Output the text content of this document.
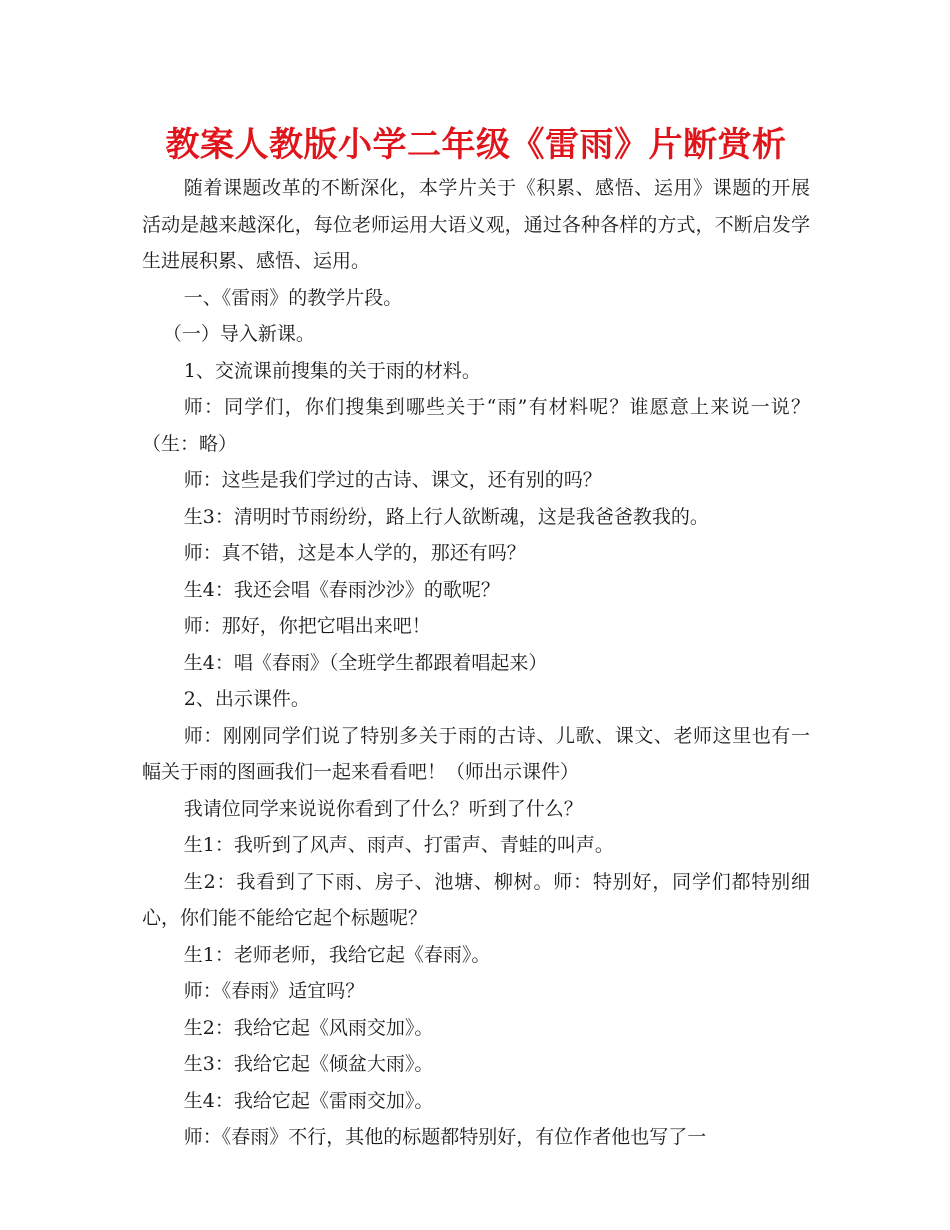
教案人教版小学二年级《雷雨》片断赏析

随着课题改革的不断深化，本学片关于《积累、感悟、运用》课题的开展活动是越来越深化，每位老师运用大语义观，通过各种各样的方式，不断启发学生进展积累、感悟、运用。

一、《雷雨》的教学片段。

（一）导入新课。

1、交流课前搜集的关于雨的材料。

师：同学们，你们搜集到哪些关于“雨”有材料呢？谁愿意上来说一说？（生：略）

师：这些是我们学过的古诗、课文，还有别的吗？

生3：清明时节雨纷纷，路上行人欲断魂，这是我爸爸教我的。

师：真不错，这是本人学的，那还有吗？

生4：我还会唱《春雨沙沙》的歌呢？

师：那好，你把它唱出来吧！

生4：唱《春雨》（全班学生都跟着唱起来）

2、出示课件。

师：刚刚同学们说了特别多关于雨的古诗、儿歌、课文、老师这里也有一幅关于雨的图画我们一起来看看吧！（师出示课件）

我请位同学来说说你看到了什么？听到了什么？

生1：我听到了风声、雨声、打雷声、青蛙的叫声。

生2：我看到了下雨、房子、池塘、柳树。师：特别好，同学们都特别细心，你们能不能给它起个标题呢？

生1：老师老师，我给它起《春雨》。

师：《春雨》适宜吗？

生2：我给它起《风雨交加》。

生3：我给它起《倾盆大雨》。

生4：我给它起《雷雨交加》。

师：《春雨》不行，其他的标题都特别好，有位作者他也写了一
